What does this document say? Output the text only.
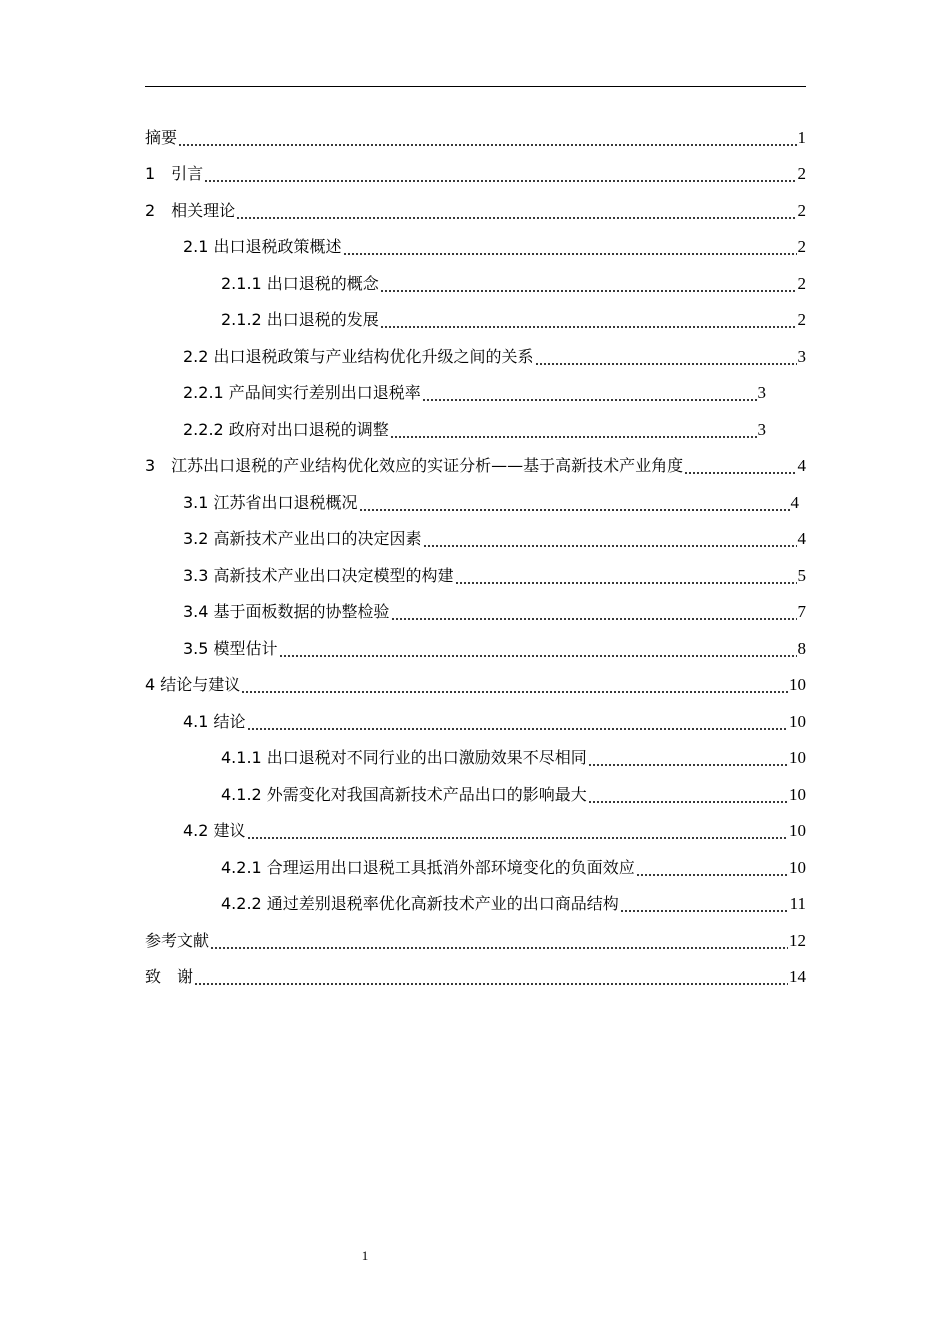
摘要	1
1　引言	2
2　相关理论	2
2.1 出口退税政策概述	2
2.1.1 出口退税的概念	2
2.1.2 出口退税的发展	2
2.2 出口退税政策与产业结构优化升级之间的关系	3
2.2.1 产品间实行差别出口退税率	3
2.2.2 政府对出口退税的调整	3
3　江苏出口退税的产业结构优化效应的实证分析——基于高新技术产业角度	4
3.1 江苏省出口退税概况	4
3.2 高新技术产业出口的决定因素	4
3.3 高新技术产业出口决定模型的构建	5
3.4 基于面板数据的协整检验	7
3.5 模型估计	8
4 结论与建议	10
4.1 结论	10
4.1.1 出口退税对不同行业的出口激励效果不尽相同	10
4.1.2 外需变化对我国高新技术产品出口的影响最大	10
4.2 建议	10
4.2.1 合理运用出口退税工具抵消外部环境变化的负面效应	10
4.2.2 通过差别退税率优化高新技术产业的出口商品结构	11
参考文献	12
致　谢	14
1
